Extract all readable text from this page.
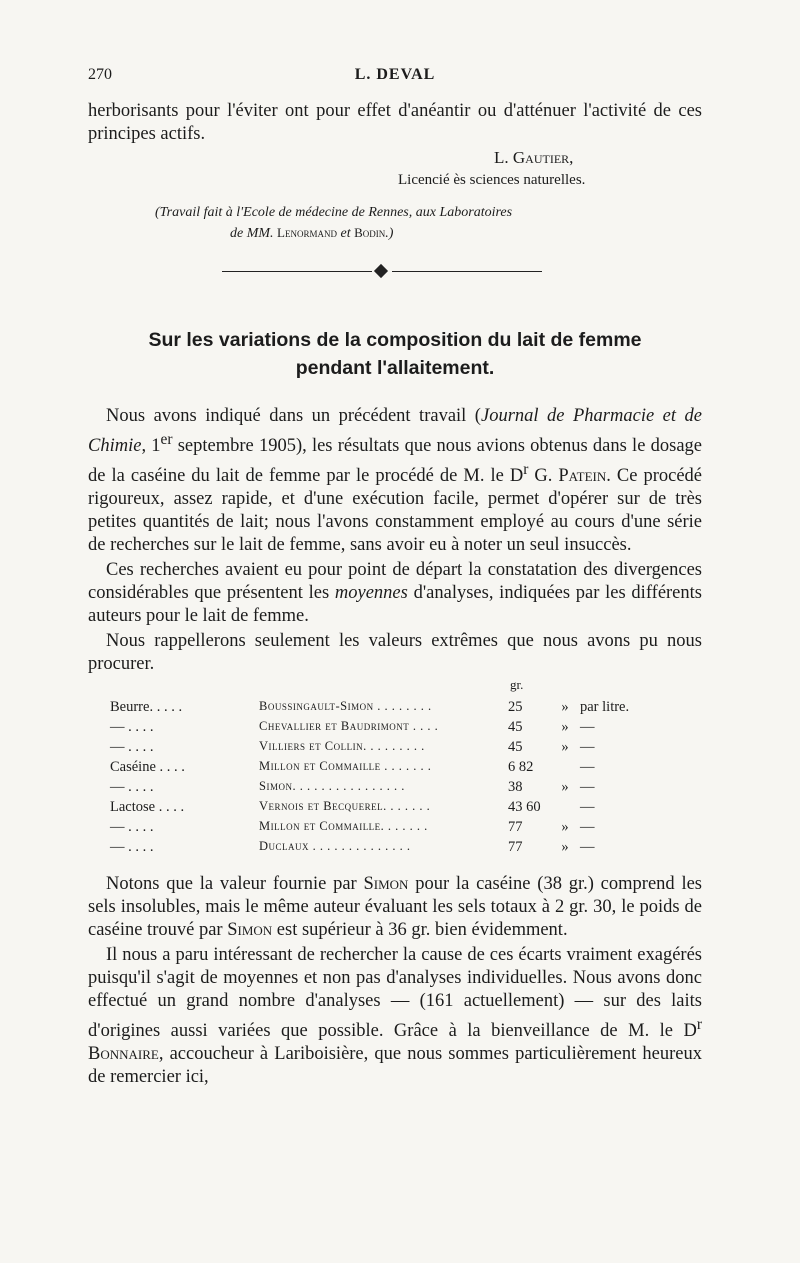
270	L. DEVAL
herborisants pour l'éviter ont pour effet d'anéantir ou d'atténuer l'activité de ces principes actifs.
L. Gautier,
Licencié ès sciences naturelles.
(Travail fait à l'Ecole de médecine de Rennes, aux Laboratoires
de MM. Lenormand et Bodin.)
Sur les variations de la composition du lait de femme
pendant l'allaitement.

Nous avons indiqué dans un précédent travail (Journal de Pharmacie et de Chimie, 1er septembre 1905), les résultats que nous avions obtenus dans le dosage de la caséine du lait de femme par le procédé de M. le $D^r$ G. Patein. Ce procédé rigoureux, assez rapide, et d'une exécution facile, permet d'opérer sur de très petites quantités de lait; nous l'avons constamment employé au cours d'une série de recherches sur le lait de femme, sans avoir eu à noter un seul insuccès.

Ces recherches avaient eu pour point de départ la constatation des divergences considérables que présentent les moyennes d'analyses, indiquées par les différents auteurs pour le lait de femme.

Nous rappellerons seulement les valeurs extrêmes que nous avons pu nous procurer.

gr.
Beurre. . . . .	Boussingault-Simon . . . . . . . .	25	» par litre.
— . . . .	Chevallier et Baudrimont . . . .	45	» —
— . . . .	Villiers et Collin. . . . . . . . .	45	» —
Caséine . . . .	Millon et Commaille . . . . . . .	6 82	—
— . . . .	Simon. . . . . . . . . . . . . . . .	38	» —
Lactose . . . .	Vernois et Becquerel. . . . . . .	43 60	—
— . . . .	Millon et Commaille. . . . . . .	77	» —
— . . . .	Duclaux . . . . . . . . . . . . . .	77	» —

Notons que la valeur fournie par Simon pour la caséine (38 gr.) comprend les sels insolubles, mais le même auteur évaluant les sels totaux à 2 gr. 30, le poids de caséine trouvé par Simon est supérieur à 36 gr. bien évidemment.

Il nous a paru intéressant de rechercher la cause de ces écarts vraiment exagérés puisqu'il s'agit de moyennes et non pas d'analyses individuelles. Nous avons donc effectué un grand nombre d'analyses — (161 actuellement) — sur des laits d'origines aussi variées que possible. Grâce à la bienveillance de M. le $D^r$ Bonnaire, accoucheur à Lariboisière, que nous sommes particulièrement heureux de remercier ici,
